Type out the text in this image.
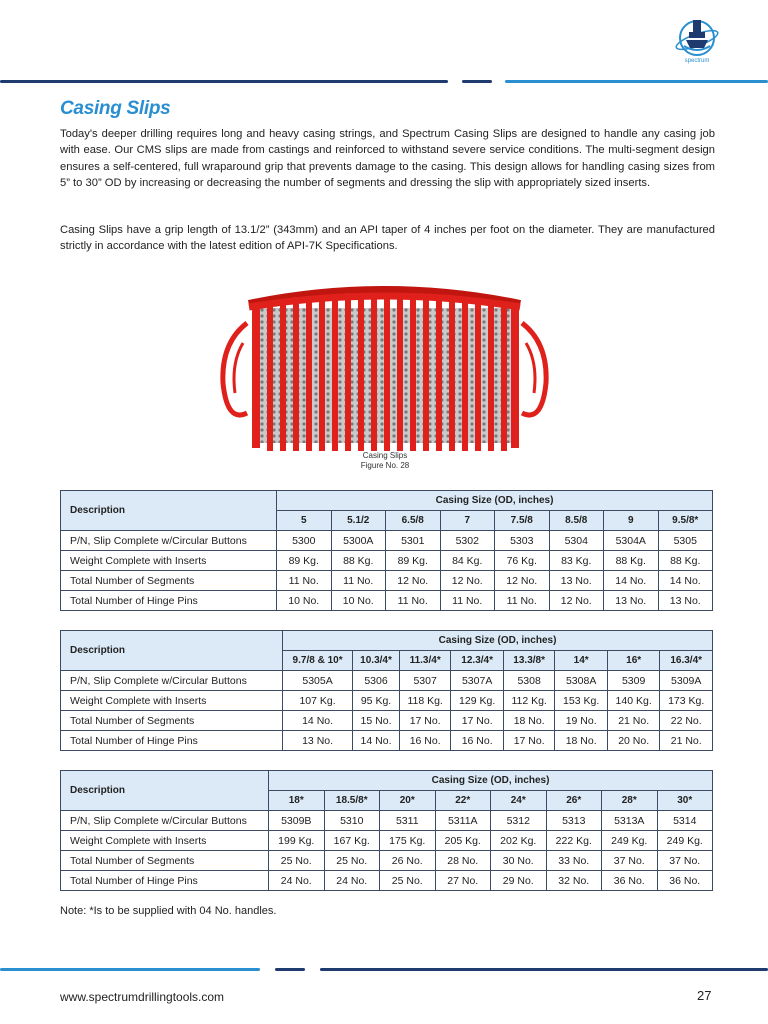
spectrum
Casing Slips

Today's deeper drilling requires long and heavy casing strings, and Spectrum Casing Slips are designed to handle any casing job with ease. Our CMS slips are made from castings and reinforced to withstand severe service conditions. The multi-segment design ensures a self-centered, full wraparound grip that prevents damage to the casing. This design allows for handling casing sizes from 5” to 30” OD by increasing or decreasing the number of segments and dressing the slip with appropriately sized inserts.

Casing Slips have a grip length of 13.1/2” (343mm) and an API taper of 4 inches per foot on the diameter. They are manufactured strictly in accordance with the latest edition of API-7K Specifications.

Casing Slips
Figure No. 28
Description	Casing Size (OD, inches)							
	5	5.1/2	6.5/8	7	7.5/8	8.5/8	9	9.5/8*
P/N, Slip Complete w/Circular Buttons	5300	5300A	5301	5302	5303	5304	5304A	5305
Weight Complete with Inserts	89 Kg.	88 Kg.	89 Kg.	84 Kg.	76 Kg.	83 Kg.	88 Kg.	88 Kg.
Total Number of Segments	11 No.	11 No.	12 No.	12 No.	12 No.	13 No.	14 No.	14 No.
Total Number of Hinge Pins	10 No.	10 No.	11 No.	11 No.	11 No.	12 No.	13 No.	13 No.
Description	Casing Size (OD, inches)							
	9.7/8 & 10*	10.3/4*	11.3/4*	12.3/4*	13.3/8*	14*	16*	16.3/4*
P/N, Slip Complete w/Circular Buttons	5305A	5306	5307	5307A	5308	5308A	5309	5309A
Weight Complete with Inserts	107 Kg.	95 Kg.	118 Kg.	129 Kg.	112 Kg.	153 Kg.	140 Kg.	173 Kg.
Total Number of Segments	14 No.	15 No.	17 No.	17 No.	18 No.	19 No.	21 No.	22 No.
Total Number of Hinge Pins	13 No.	14 No.	16 No.	16 No.	17 No.	18 No.	20 No.	21 No.
Description	Casing Size (OD, inches)							
	18*	18.5/8*	20*	22*	24*	26*	28*	30*
P/N, Slip Complete w/Circular Buttons	5309B	5310	5311	5311A	5312	5313	5313A	5314
Weight Complete with Inserts	199 Kg.	167 Kg.	175 Kg.	205 Kg.	202 Kg.	222 Kg.	249 Kg.	249 Kg.
Total Number of Segments	25 No.	25 No.	26 No.	28 No.	30 No.	33 No.	37 No.	37 No.
Total Number of Hinge Pins	24 No.	24 No.	25 No.	27 No.	29 No.	32 No.	36 No.	36 No.
Note: *Is to be supplied with 04 No. handles.
www.spectrumdrillingtools.com	27
